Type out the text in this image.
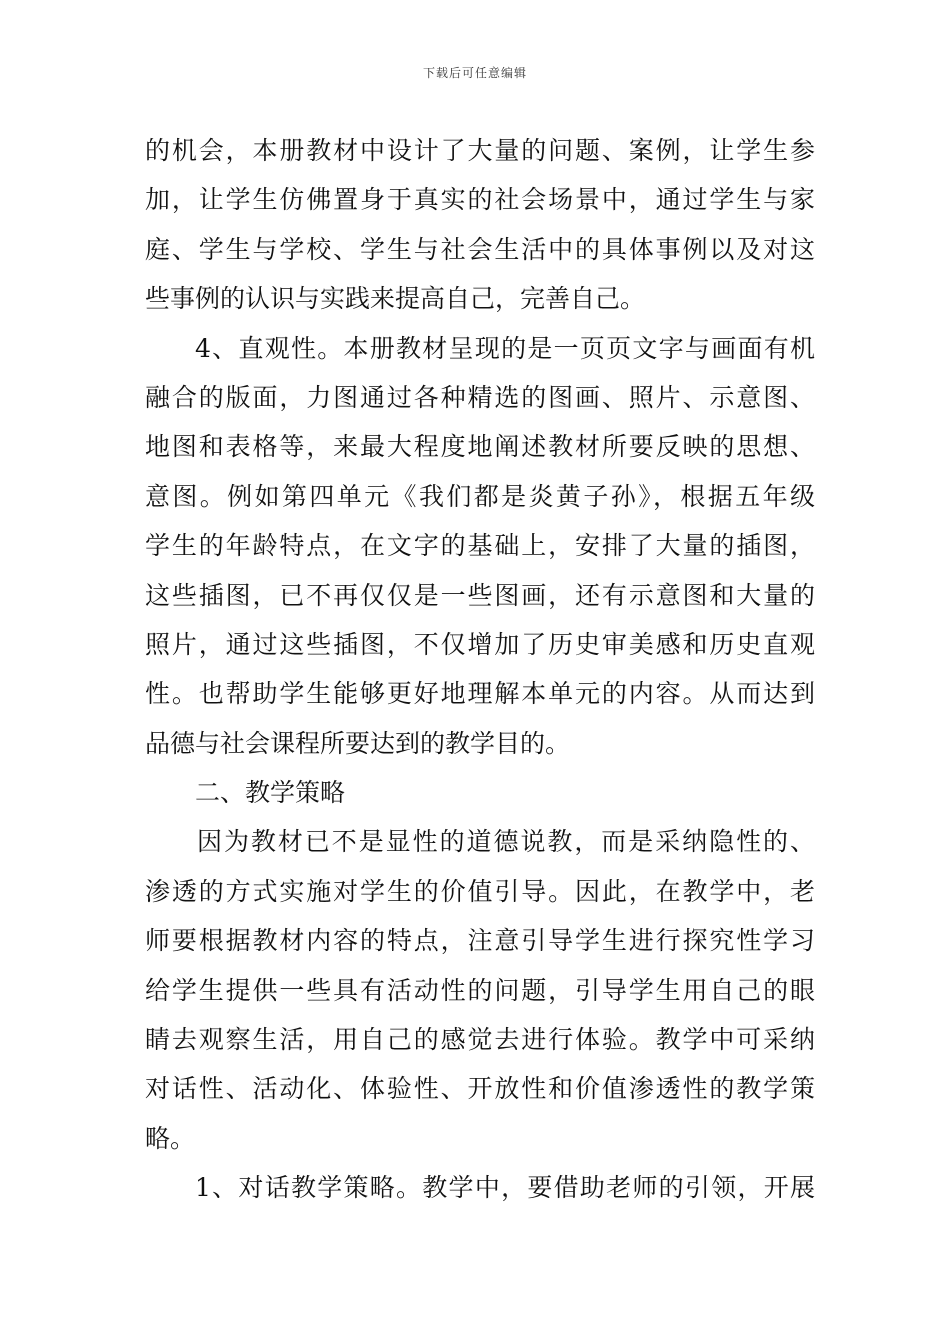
下载后可任意编辑
的机会，本册教材中设计了大量的问题、案例，让学生参
加，让学生仿佛置身于真实的社会场景中，通过学生与家
庭、学生与学校、学生与社会生活中的具体事例以及对这
些事例的认识与实践来提高自己，完善自己。
4、直观性。本册教材呈现的是一页页文字与画面有机
融合的版面，力图通过各种精选的图画、照片、示意图、
地图和表格等，来最大程度地阐述教材所要反映的思想、
意图。例如第四单元《我们都是炎黄子孙》，根据五年级
学生的年龄特点，在文字的基础上，安排了大量的插图，
这些插图，已不再仅仅是一些图画，还有示意图和大量的
照片，通过这些插图，不仅增加了历史审美感和历史直观
性。也帮助学生能够更好地理解本单元的内容。从而达到
品德与社会课程所要达到的教学目的。
二、教学策略
因为教材已不是显性的道德说教，而是采纳隐性的、
渗透的方式实施对学生的价值引导。因此，在教学中，老
师要根据教材内容的特点，注意引导学生进行探究性学习
给学生提供一些具有活动性的问题，引导学生用自己的眼
睛去观察生活，用自己的感觉去进行体验。教学中可采纳
对话性、活动化、体验性、开放性和价值渗透性的教学策
略。
1、对话教学策略。教学中，要借助老师的引领，开展
